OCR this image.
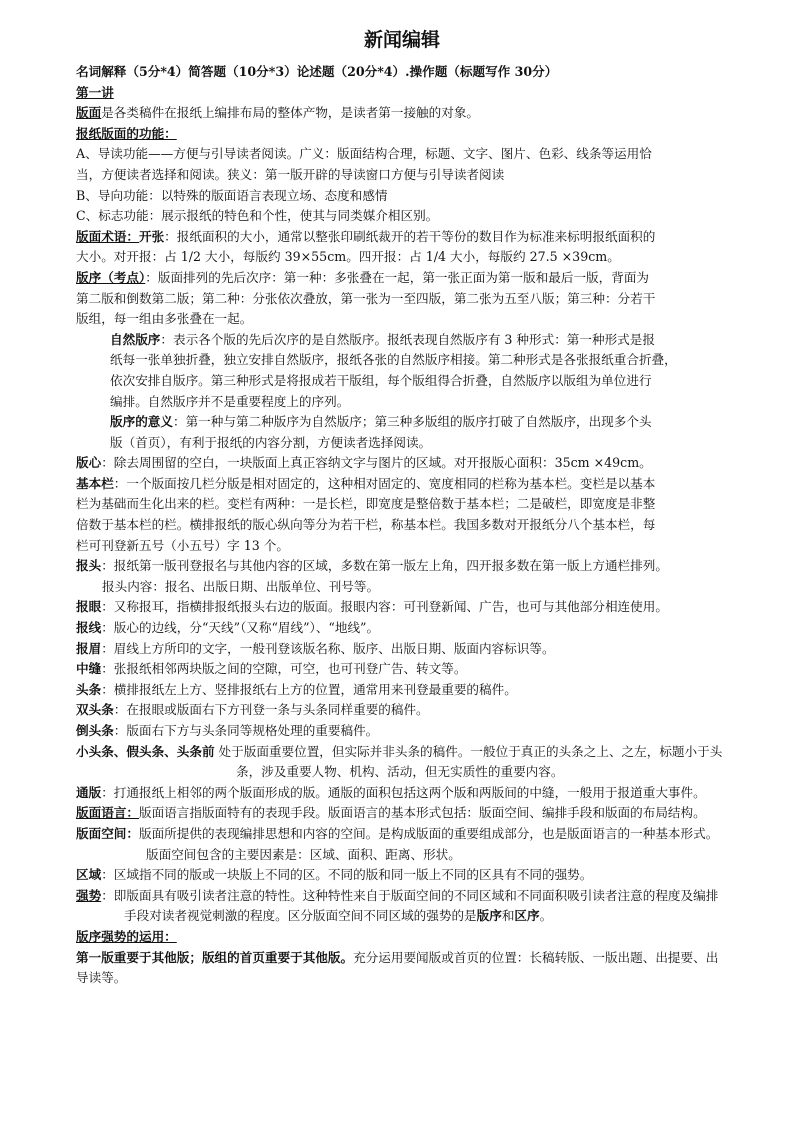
新闻编辑

名词解释（5分*4）简答题（10分*3）论述题（20分*4）.操作题（标题写作 30分）

第一讲

版面是各类稿件在报纸上编排布局的整体产物，是读者第一接触的对象。

报纸版面的功能：

A、导读功能——方便与引导读者阅读。广义：版面结构合理，标题、文字、图片、色彩、线条等运用恰

当，方便读者选择和阅读。狭义：第一版开辟的导读窗口方便与引导读者阅读

B、导向功能：以特殊的版面语言表现立场、态度和感情

C、标志功能：展示报纸的特色和个性，使其与同类媒介相区别。

版面术语：开张：报纸面积的大小，通常以整张印刷纸裁开的若干等份的数目作为标准来标明报纸面积的

大小。对开报：占 1/2 大小，每版约 39×55cm。四开报：占 1/4 大小，每版约 27.5 ×39cm。

版序（考点）：版面排列的先后次序：第一种：多张叠在一起，第一张正面为第一版和最后一版，背面为

第二版和倒数第二版；第二种：分张依次叠放，第一张为一至四版，第二张为五至八版；第三种：分若干

版组，每一组由多张叠在一起。

自然版序：表示各个版的先后次序的是自然版序。报纸表现自然版序有 3 种形式：第一种形式是报

纸每一张单独折叠，独立安排自然版序，报纸各张的自然版序相接。第二种形式是各张报纸重合折叠，

依次安排自版序。第三种形式是将报成若干版组，每个版组得合折叠，自然版序以版组为单位进行

编排。自然版序并不是重要程度上的序列。

版序的意义：第一种与第二种版序为自然版序；第三种多版组的版序打破了自然版序，出现多个头

版（首页），有利于报纸的内容分割，方便读者选择阅读。

版心：除去周围留的空白，一块版面上真正容纳文字与图片的区域。对开报版心面积：35cm ×49cm。

基本栏：一个版面按几栏分版是相对固定的，这种相对固定的、宽度相同的栏称为基本栏。变栏是以基本

栏为基础而生化出来的栏。变栏有两种：一是长栏，即宽度是整倍数于基本栏；二是破栏，即宽度是非整

倍数于基本栏的栏。横排报纸的版心纵向等分为若干栏，称基本栏。我国多数对开报纸分八个基本栏，每

栏可刊登新五号（小五号）字 13 个。

报头：报纸第一版刊登报名与其他内容的区域，多数在第一版左上角，四开报多数在第一版上方通栏排列。

报头内容：报名、出版日期、出版单位、刊号等。

报眼：又称报耳，指横排报纸报头右边的版面。报眼内容：可刊登新闻、广告，也可与其他部分相连使用。

报线：版心的边线，分“天线”（又称“眉线”）、“地线”。

报眉：眉线上方所印的文字，一般刊登该版名称、版序、出版日期、版面内容标识等。

中缝：张报纸相邻两块版之间的空隙，可空，也可刊登广告、转文等。

头条：横排报纸左上方、竖排报纸右上方的位置，通常用来刊登最重要的稿件。

双头条：在报眼或版面右下方刊登一条与头条同样重要的稿件。

倒头条：版面右下方与头条同等规格处理的重要稿件。

小头条、假头条、头条前 处于版面重要位置，但实际并非头条的稿件。一般位于真正的头条之上、之左，标题小于头条，涉及重要人物、机构、活动，但无实质性的重要内容。

通版：打通报纸上相邻的两个版面形成的版。通版的面积包括这两个版和两版间的中缝，一般用于报道重大事件。

版面语言：版面语言指版面特有的表现手段。版面语言的基本形式包括：版面空间、编排手段和版面的布局结构。

版面空间：版面所提供的表现编排思想和内容的空间。是构成版面的重要组成部分，也是版面语言的一种基本形式。版面空间包含的主要因素是：区域、面积、距离、形状。

区域：区域指不同的版或一块版上不同的区。不同的版和同一版上不同的区具有不同的强势。

强势：即版面具有吸引读者注意的特性。这种特性来自于版面空间的不同区域和不同面积吸引读者注意的程度及编排手段对读者视觉刺激的程度。区分版面空间不同区域的强势的是版序和区序。

版序强势的运用：

第一版重要于其他版；版组的首页重要于其他版。充分运用要闻版或首页的位置：长稿转版、一版出题、出提要、出导读等。
